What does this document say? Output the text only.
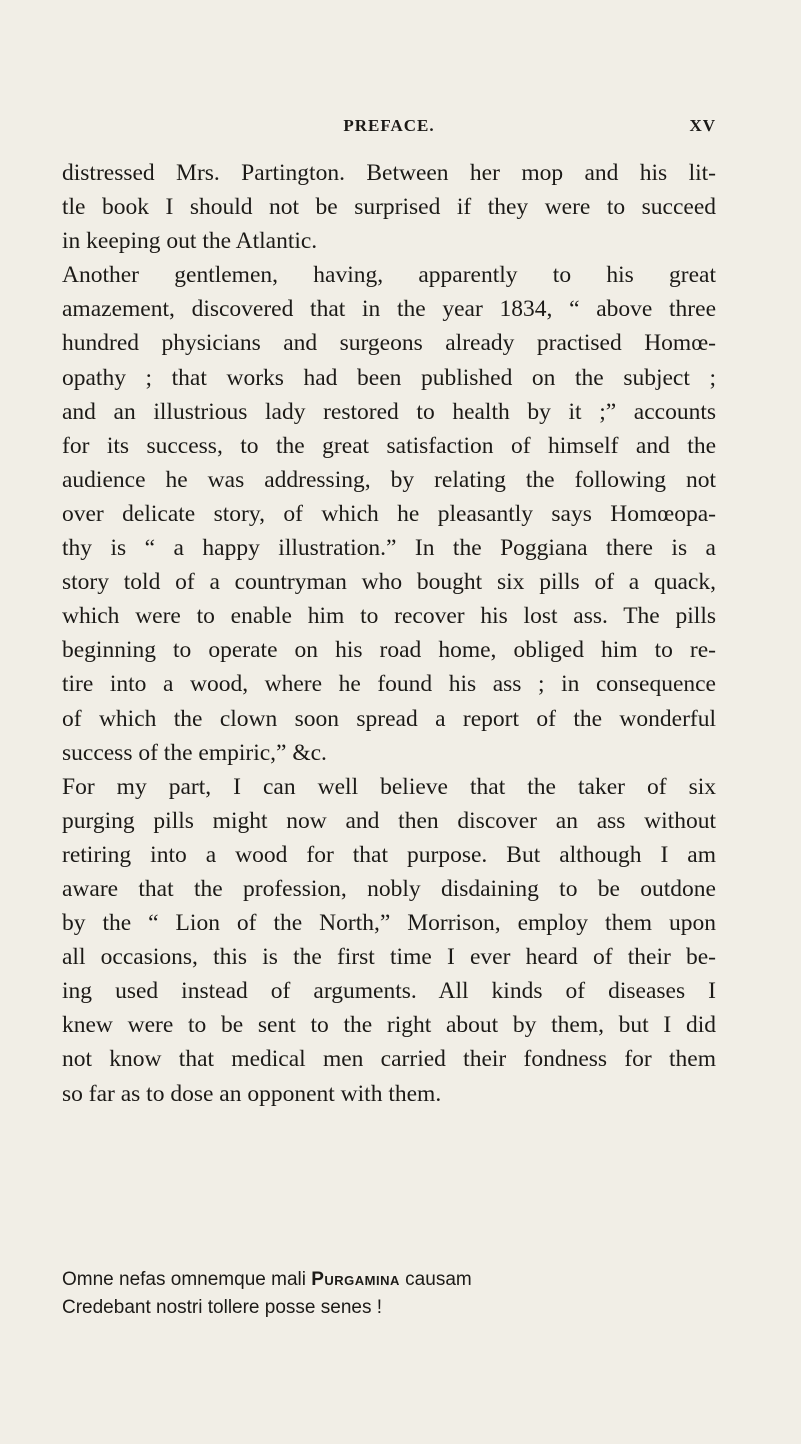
PREFACE.	XV
distressed Mrs. Partington. Between her mop and his lit-
tle book I should not be surprised if they were to succeed
in keeping out the Atlantic.
Another gentlemen, having, apparently to his great
amazement, discovered that in the year 1834, “ above three
hundred physicians and surgeons already practised Homœ-
opathy ; that works had been published on the subject ;
and an illustrious lady restored to health by it ;” accounts
for its success, to the great satisfaction of himself and the
audience he was addressing, by relating the following not
over delicate story, of which he pleasantly says Homœopa-
thy is “ a happy illustration.” In the Poggiana there is a
story told of a countryman who bought six pills of a quack,
which were to enable him to recover his lost ass. The pills
beginning to operate on his road home, obliged him to re-
tire into a wood, where he found his ass ; in consequence
of which the clown soon spread a report of the wonderful
success of the empiric,” &c.
For my part, I can well believe that the taker of six
purging pills might now and then discover an ass without
retiring into a wood for that purpose. But although I am
aware that the profession, nobly disdaining to be outdone
by the “ Lion of the North,” Morrison, employ them upon
all occasions, this is the first time I ever heard of their be-
ing used instead of arguments. All kinds of diseases I
knew were to be sent to the right about by them, but I did
not know that medical men carried their fondness for them
so far as to dose an opponent with them.
Omne nefas omnemque mali Purgamina causam
Credebant nostri tollere posse senes !
